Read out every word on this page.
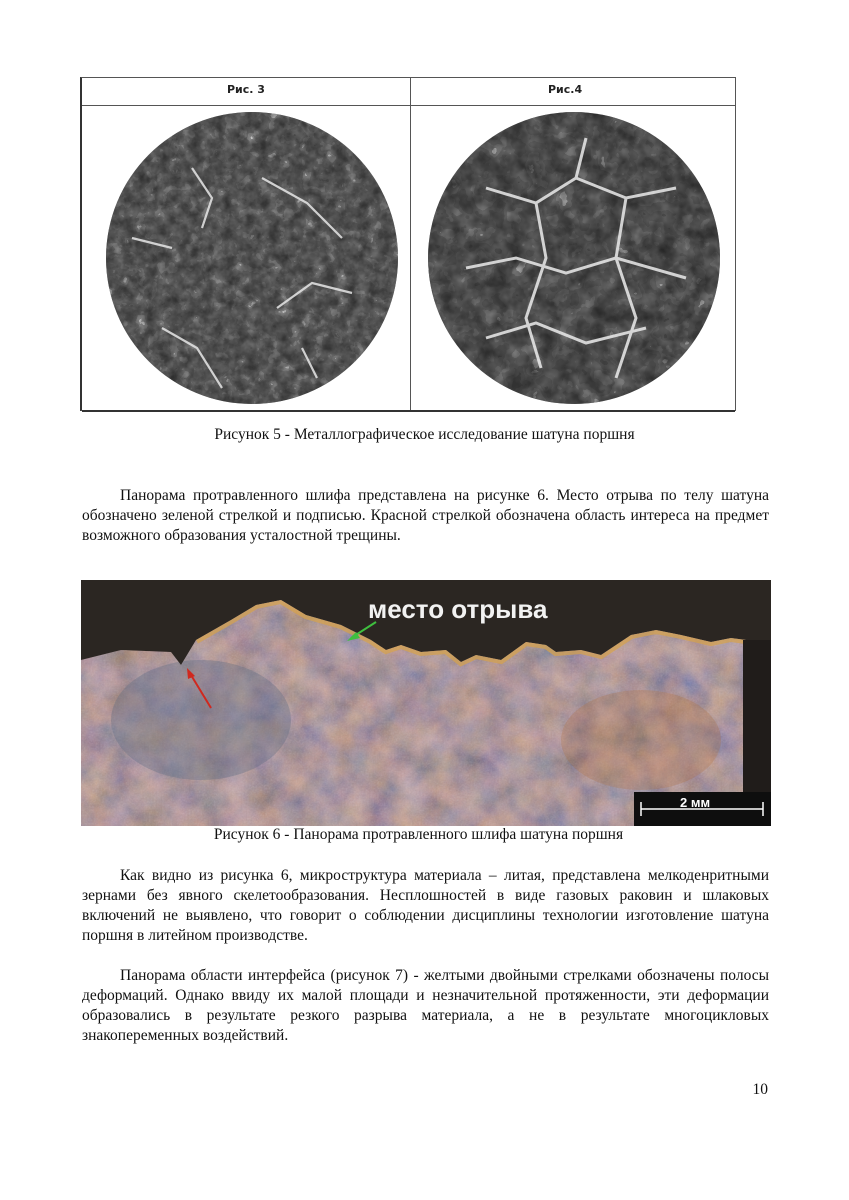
Рис. 3	Рис.4
Рисунок 5 - Металлографическое исследование шатуна поршня

Панорама протравленного шлифа представлена на рисунке 6. Место отрыва по телу шатуна обозначено зеленой стрелкой и подписью. Красной стрелкой обозначена область интереса на предмет возможного образования усталостной трещины.

место отрыва
2 мм
Рисунок 6 - Панорама протравленного шлифа шатуна поршня

Как видно из рисунка 6, микроструктура материала – литая, представлена мелкоденритными зернами без явного скелетообразования. Несплошностей в виде газовых раковин и шлаковых включений не выявлено, что говорит о соблюдении дисциплины технологии изготовление шатуна поршня в литейном производстве.

Панорама области интерфейса (рисунок 7) - желтыми двойными стрелками обозначены полосы деформаций. Однако ввиду их малой площади и незначительной протяженности, эти деформации образовались в результате резкого разрыва материала, а не в результате многоцикловых знакопеременных воздействий.

10
